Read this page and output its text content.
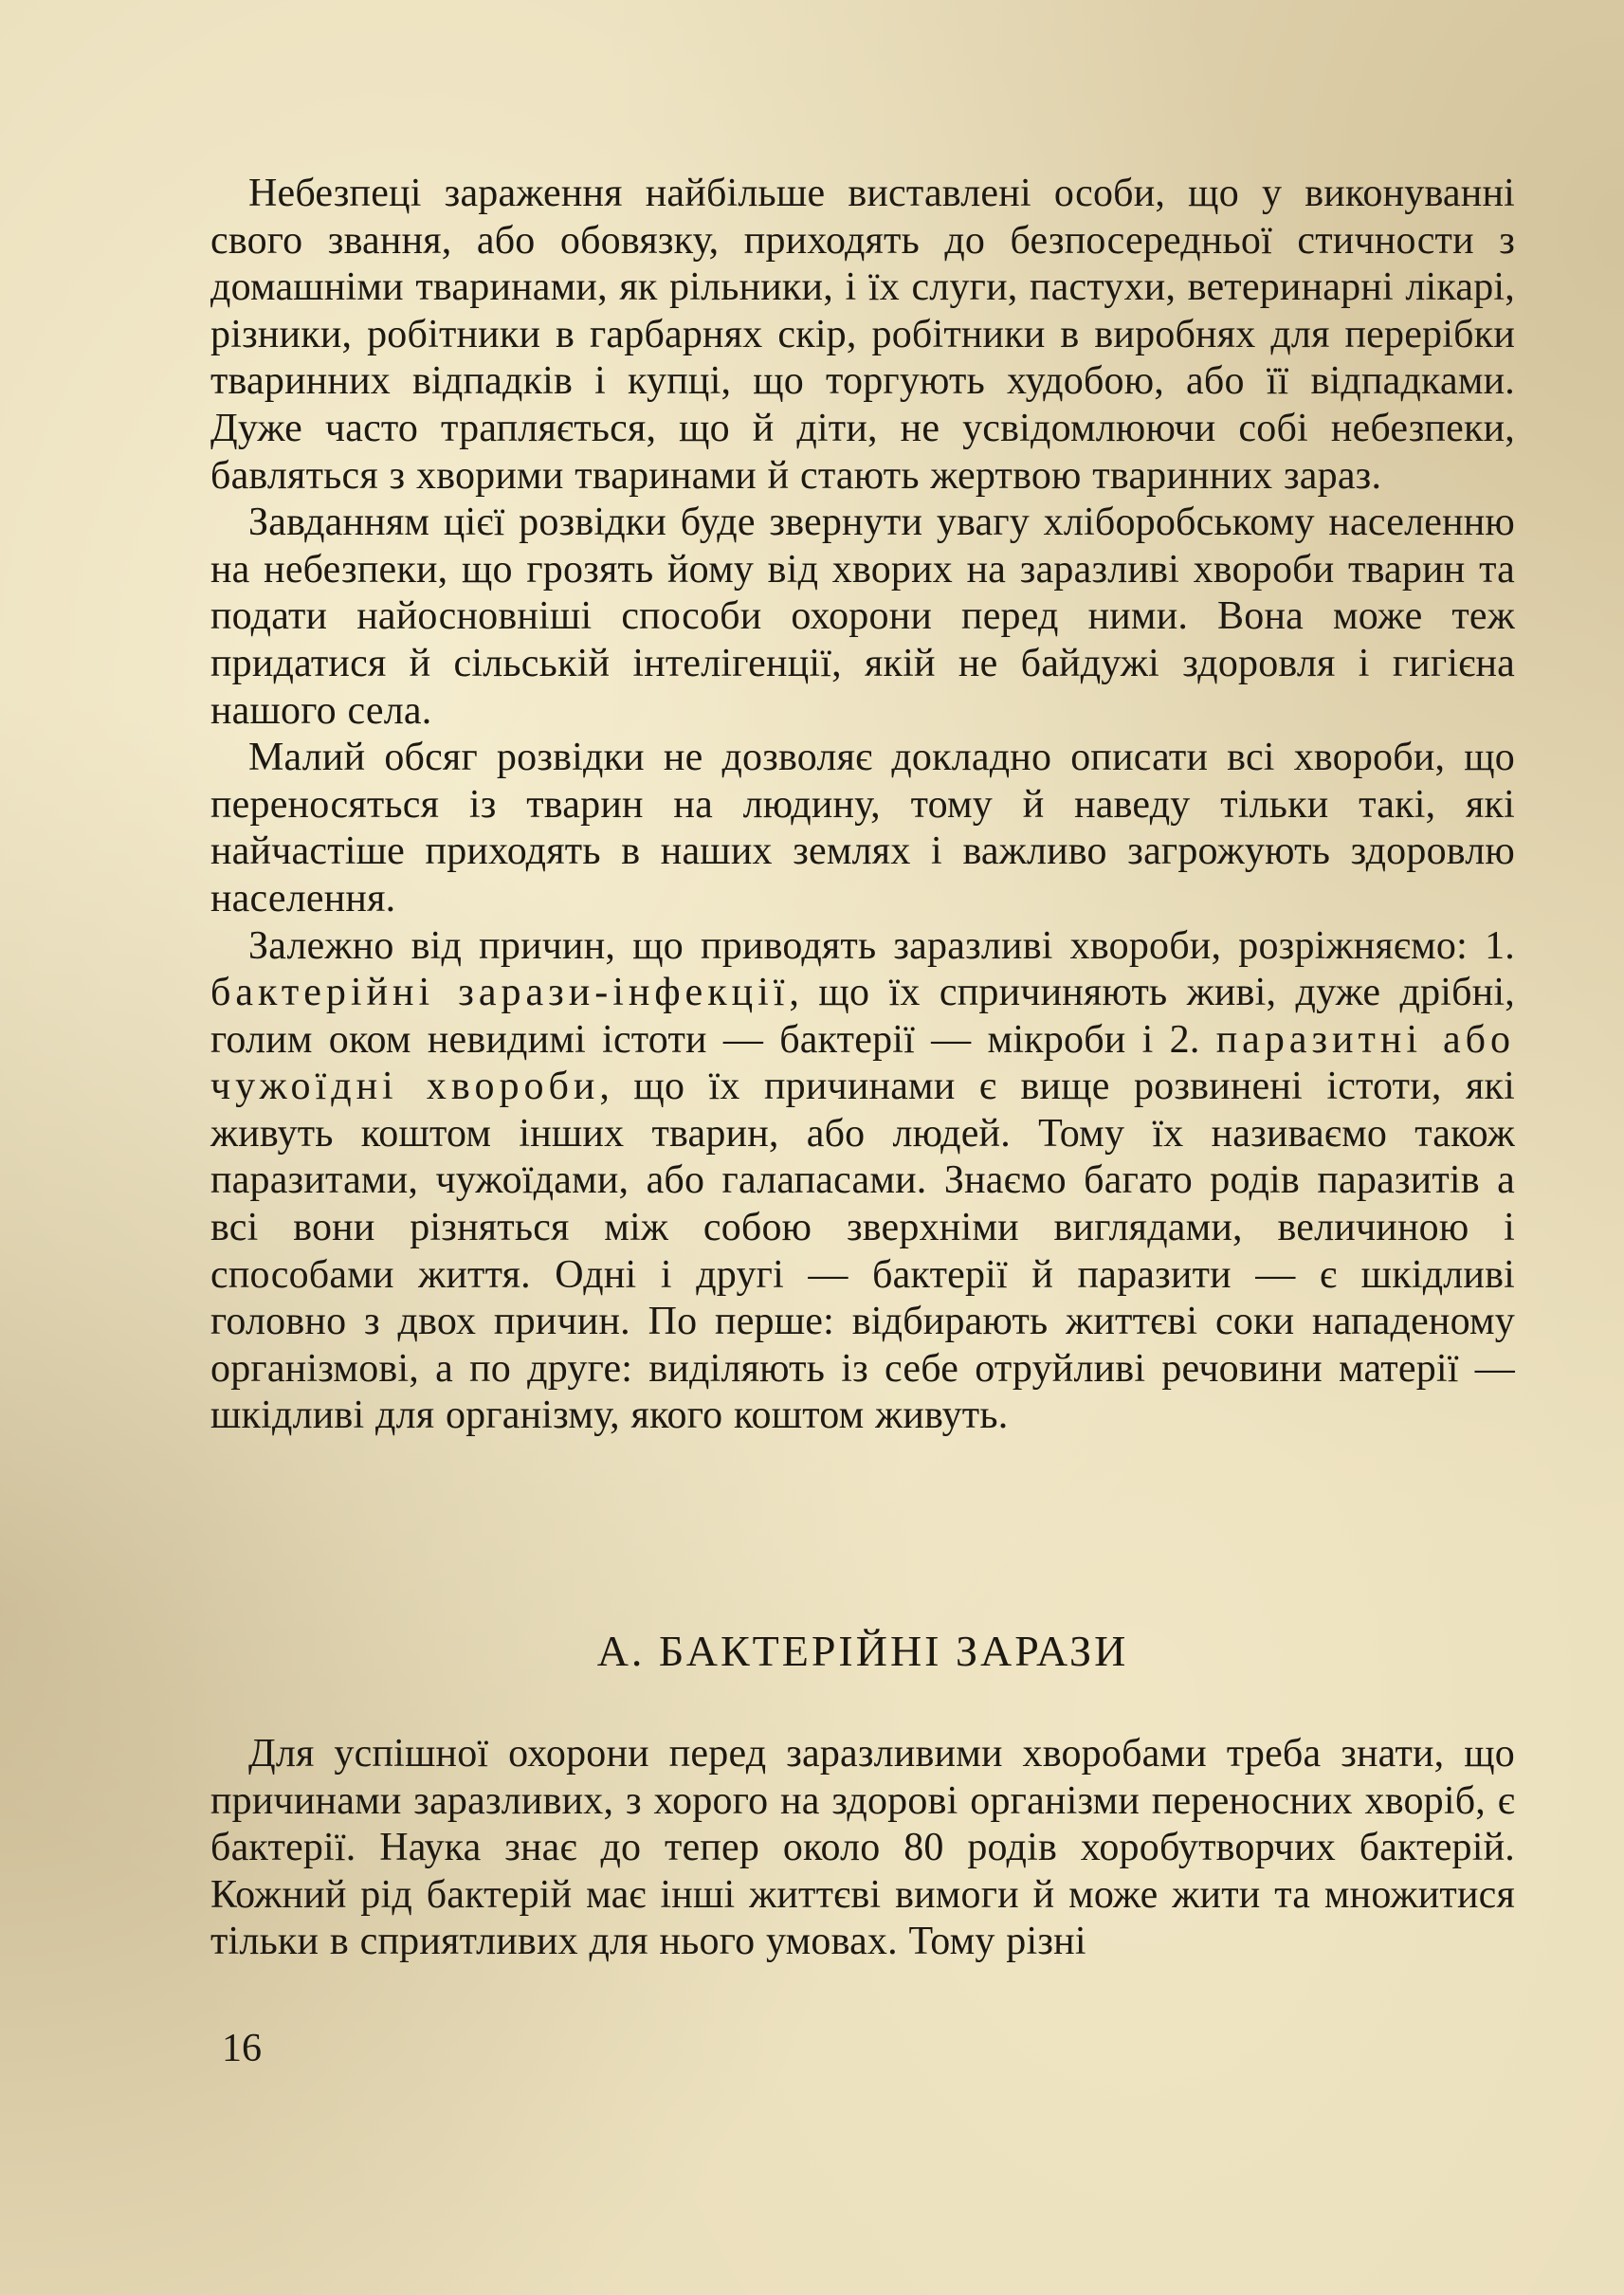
Небезпеці зараження найбільше виставлені особи, що у виконуванні свого звання, або обовязку, приходять до безпосередньої стичности з домашніми тваринами, як рільники, і їх слуги, пастухи, ветеринарні лікарі, різники, робітники в гарбарнях скір, робітники в виробнях для перерібки тваринних відпадків і купці, що торгують худобою, або її відпадками. Дуже часто трапляється, що й діти, не усвідомлюючи собі небезпеки, бавляться з хворими тваринами й стають жертвою тваринних зараз.

Завданням цієї розвідки буде звернути увагу хліборобському населенню на небезпеки, що грозять йому від хворих на заразливі хвороби тварин та подати найосновніші способи охорони перед ними. Вона може теж придатися й сільській інтелігенції, якій не байдужі здоровля і гигієна нашого села.

Малий обсяг розвідки не дозволяє докладно описати всі хвороби, що переносяться із тварин на людину, тому й наведу тільки такі, які найчастіше приходять в наших землях і важливо загрожують здоровлю населення.

Залежно від причин, що приводять заразливі хвороби, розріжняємо: 1. бактерійні зарази-інфекції, що їх спричиняють живі, дуже дрібні, голим оком невидимі істоти — бактерії — мікроби і 2. паразитні або чужоїдні хвороби, що їх причинами є вище розвинені істоти, які живуть коштом інших тварин, або людей. Тому їх називаємо також паразитами, чужоїдами, або галапасами. Знаємо багато родів паразитів а всі вони різняться між собою зверхніми виглядами, величиною і способами життя. Одні і другі — бактерії й паразити — є шкідливі головно з двох причин. По перше: відбирають життєві соки нападеному організмові, а по друге: виділяють із себе отруйливі речовини матерії — шкідливі для організму, якого коштом живуть.

А. БАКТЕРІЙНІ ЗАРАЗИ

Для успішної охорони перед заразливими хворобами треба знати, що причинами заразливих, з хорого на здорові організми переносних хворіб, є бактерії. Наука знає до тепер около 80 родів хоробутворчих бактерій. Кожний рід бактерій має інші життєві вимоги й може жити та множитися тільки в сприятливих для нього умовах. Тому різні

16
